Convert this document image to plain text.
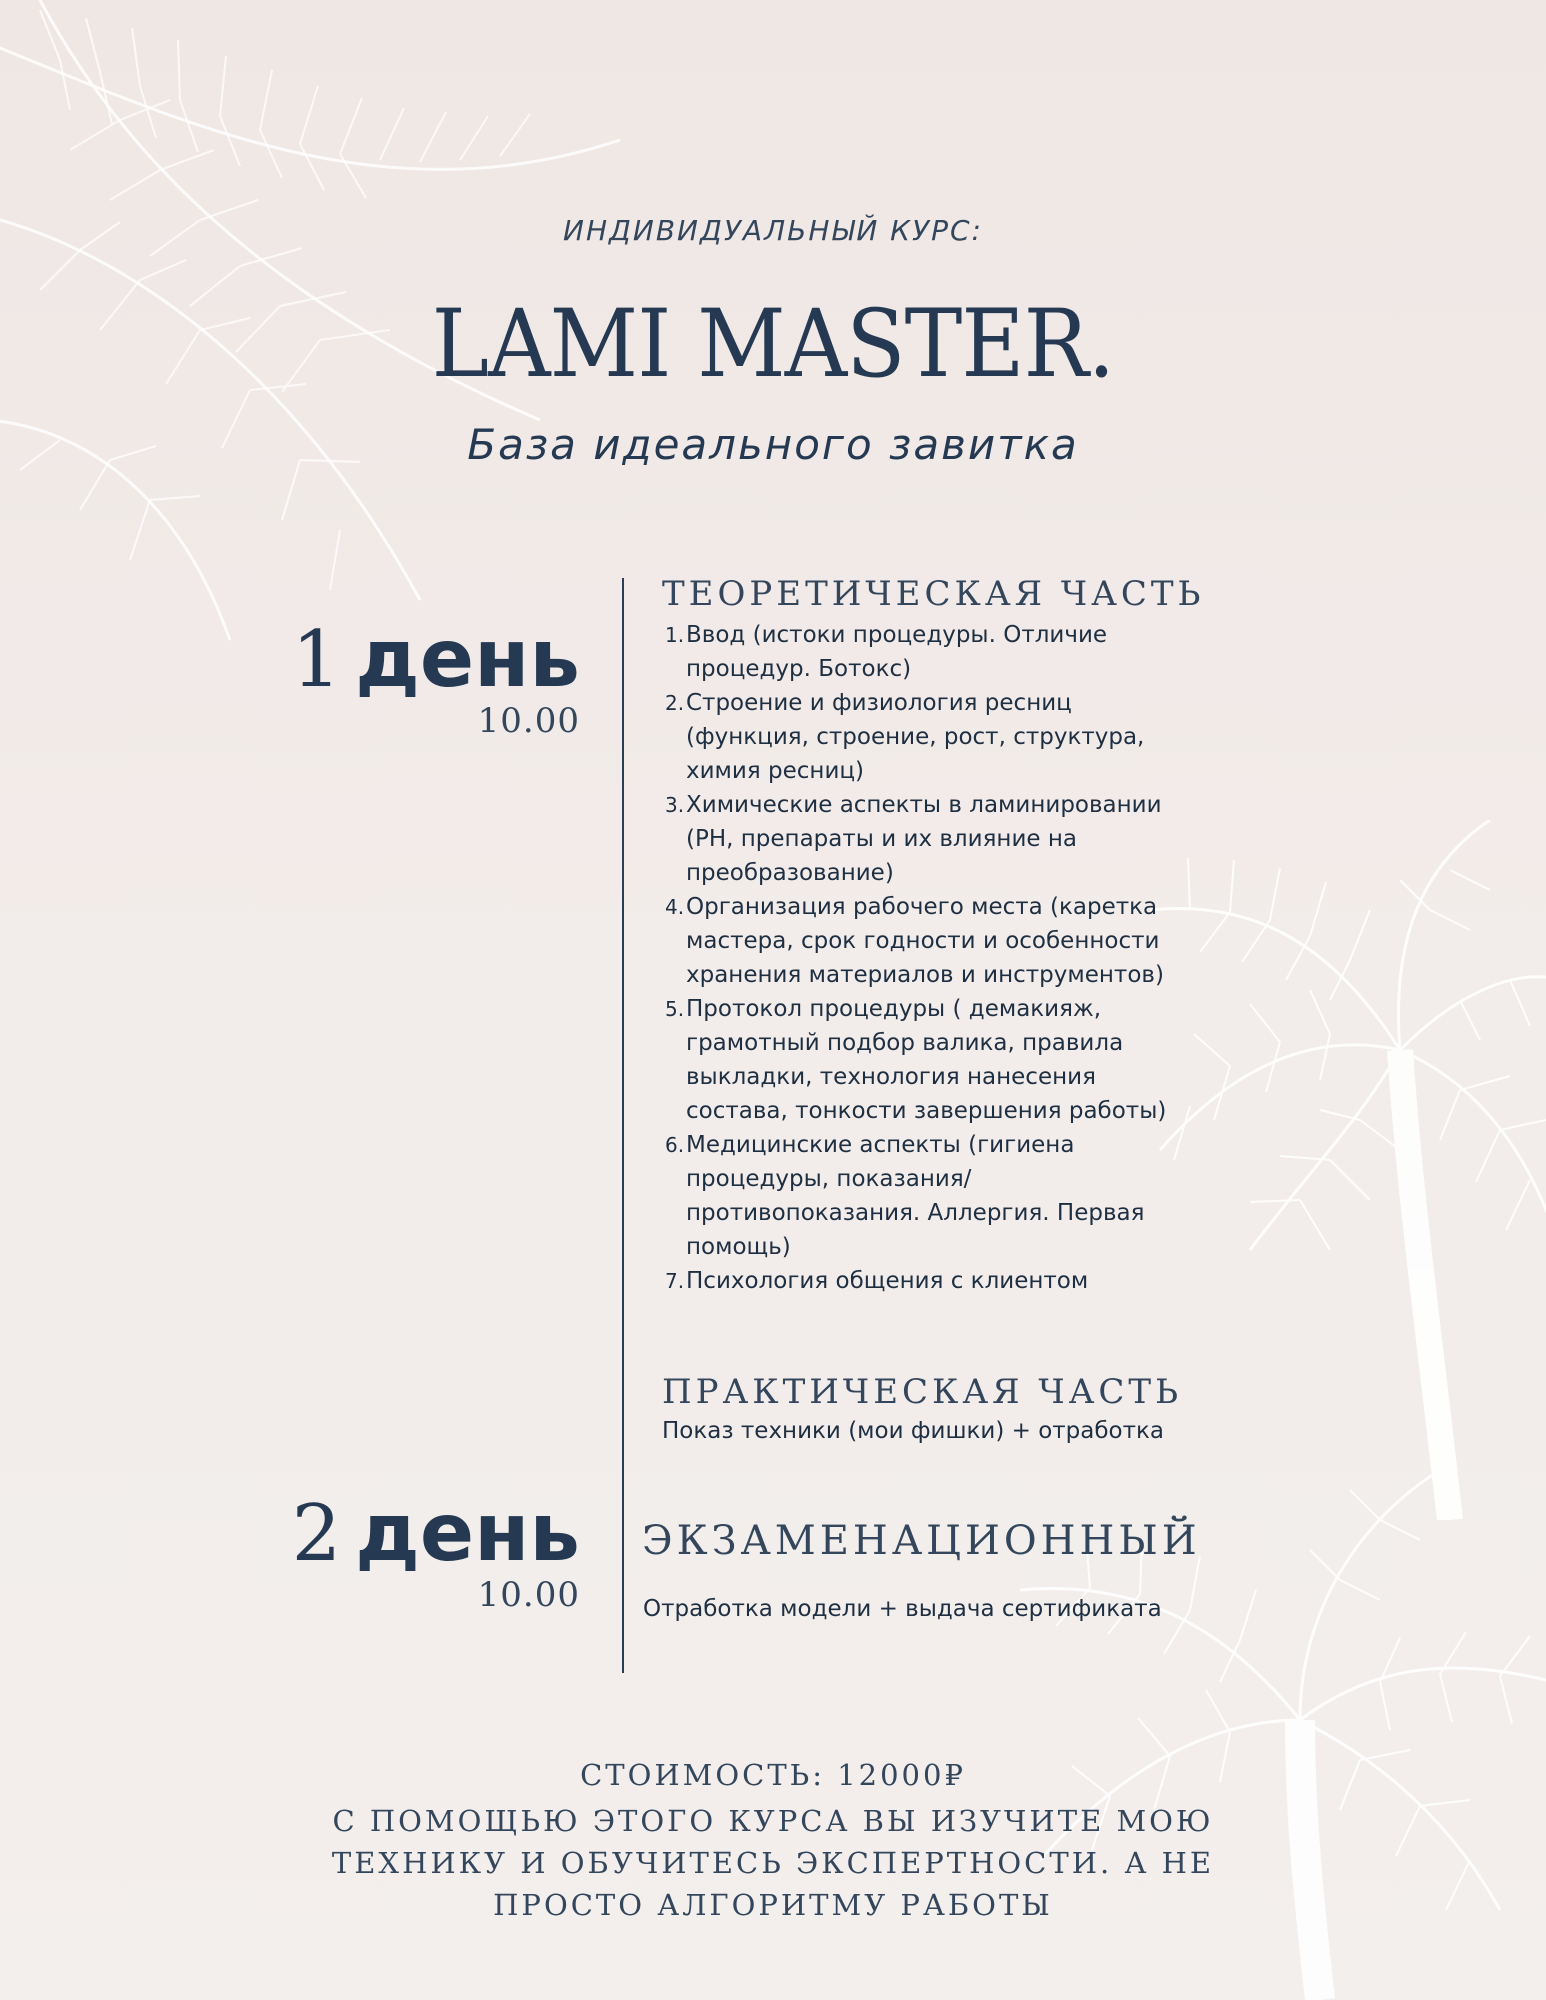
ИНДИВИДУАЛЬНЫЙ КУРС:
LAMI MASTER.
База идеального завитка
1 день
10.00
ТЕОРЕТИЧЕСКАЯ ЧАСТЬ
1. Ввод (истоки процедуры. Отличие процедур. Ботокс)
2. Строение и физиология ресниц (функция, строение, рост, структура, химия ресниц)
3. Химические аспекты в ламинировании (PH, препараты и их влияние на преобразование)
4. Организация рабочего места (каретка мастера, срок годности и особенности хранения материалов и инструментов)
5. Протокол процедуры ( демакияж, грамотный подбор валика, правила выкладки, технология нанесения состава, тонкости завершения работы)
6. Медицинские аспекты (гигиена процедуры, показания/ противопоказания. Аллергия. Первая помощь)
7. Психология общения с клиентом
ПРАКТИЧЕСКАЯ ЧАСТЬ
Показ техники (мои фишки) + отработка
2 день
10.00
ЭКЗАМЕНАЦИОННЫЙ
Отработка модели + выдача сертификата
СТОИМОСТЬ: 12000₽
С ПОМОЩЬЮ ЭТОГО КУРСА ВЫ ИЗУЧИТЕ МОЮ
ТЕХНИКУ И ОБУЧИТЕСЬ ЭКСПЕРТНОСТИ. А НЕ
ПРОСТО АЛГОРИТМУ РАБОТЫ
